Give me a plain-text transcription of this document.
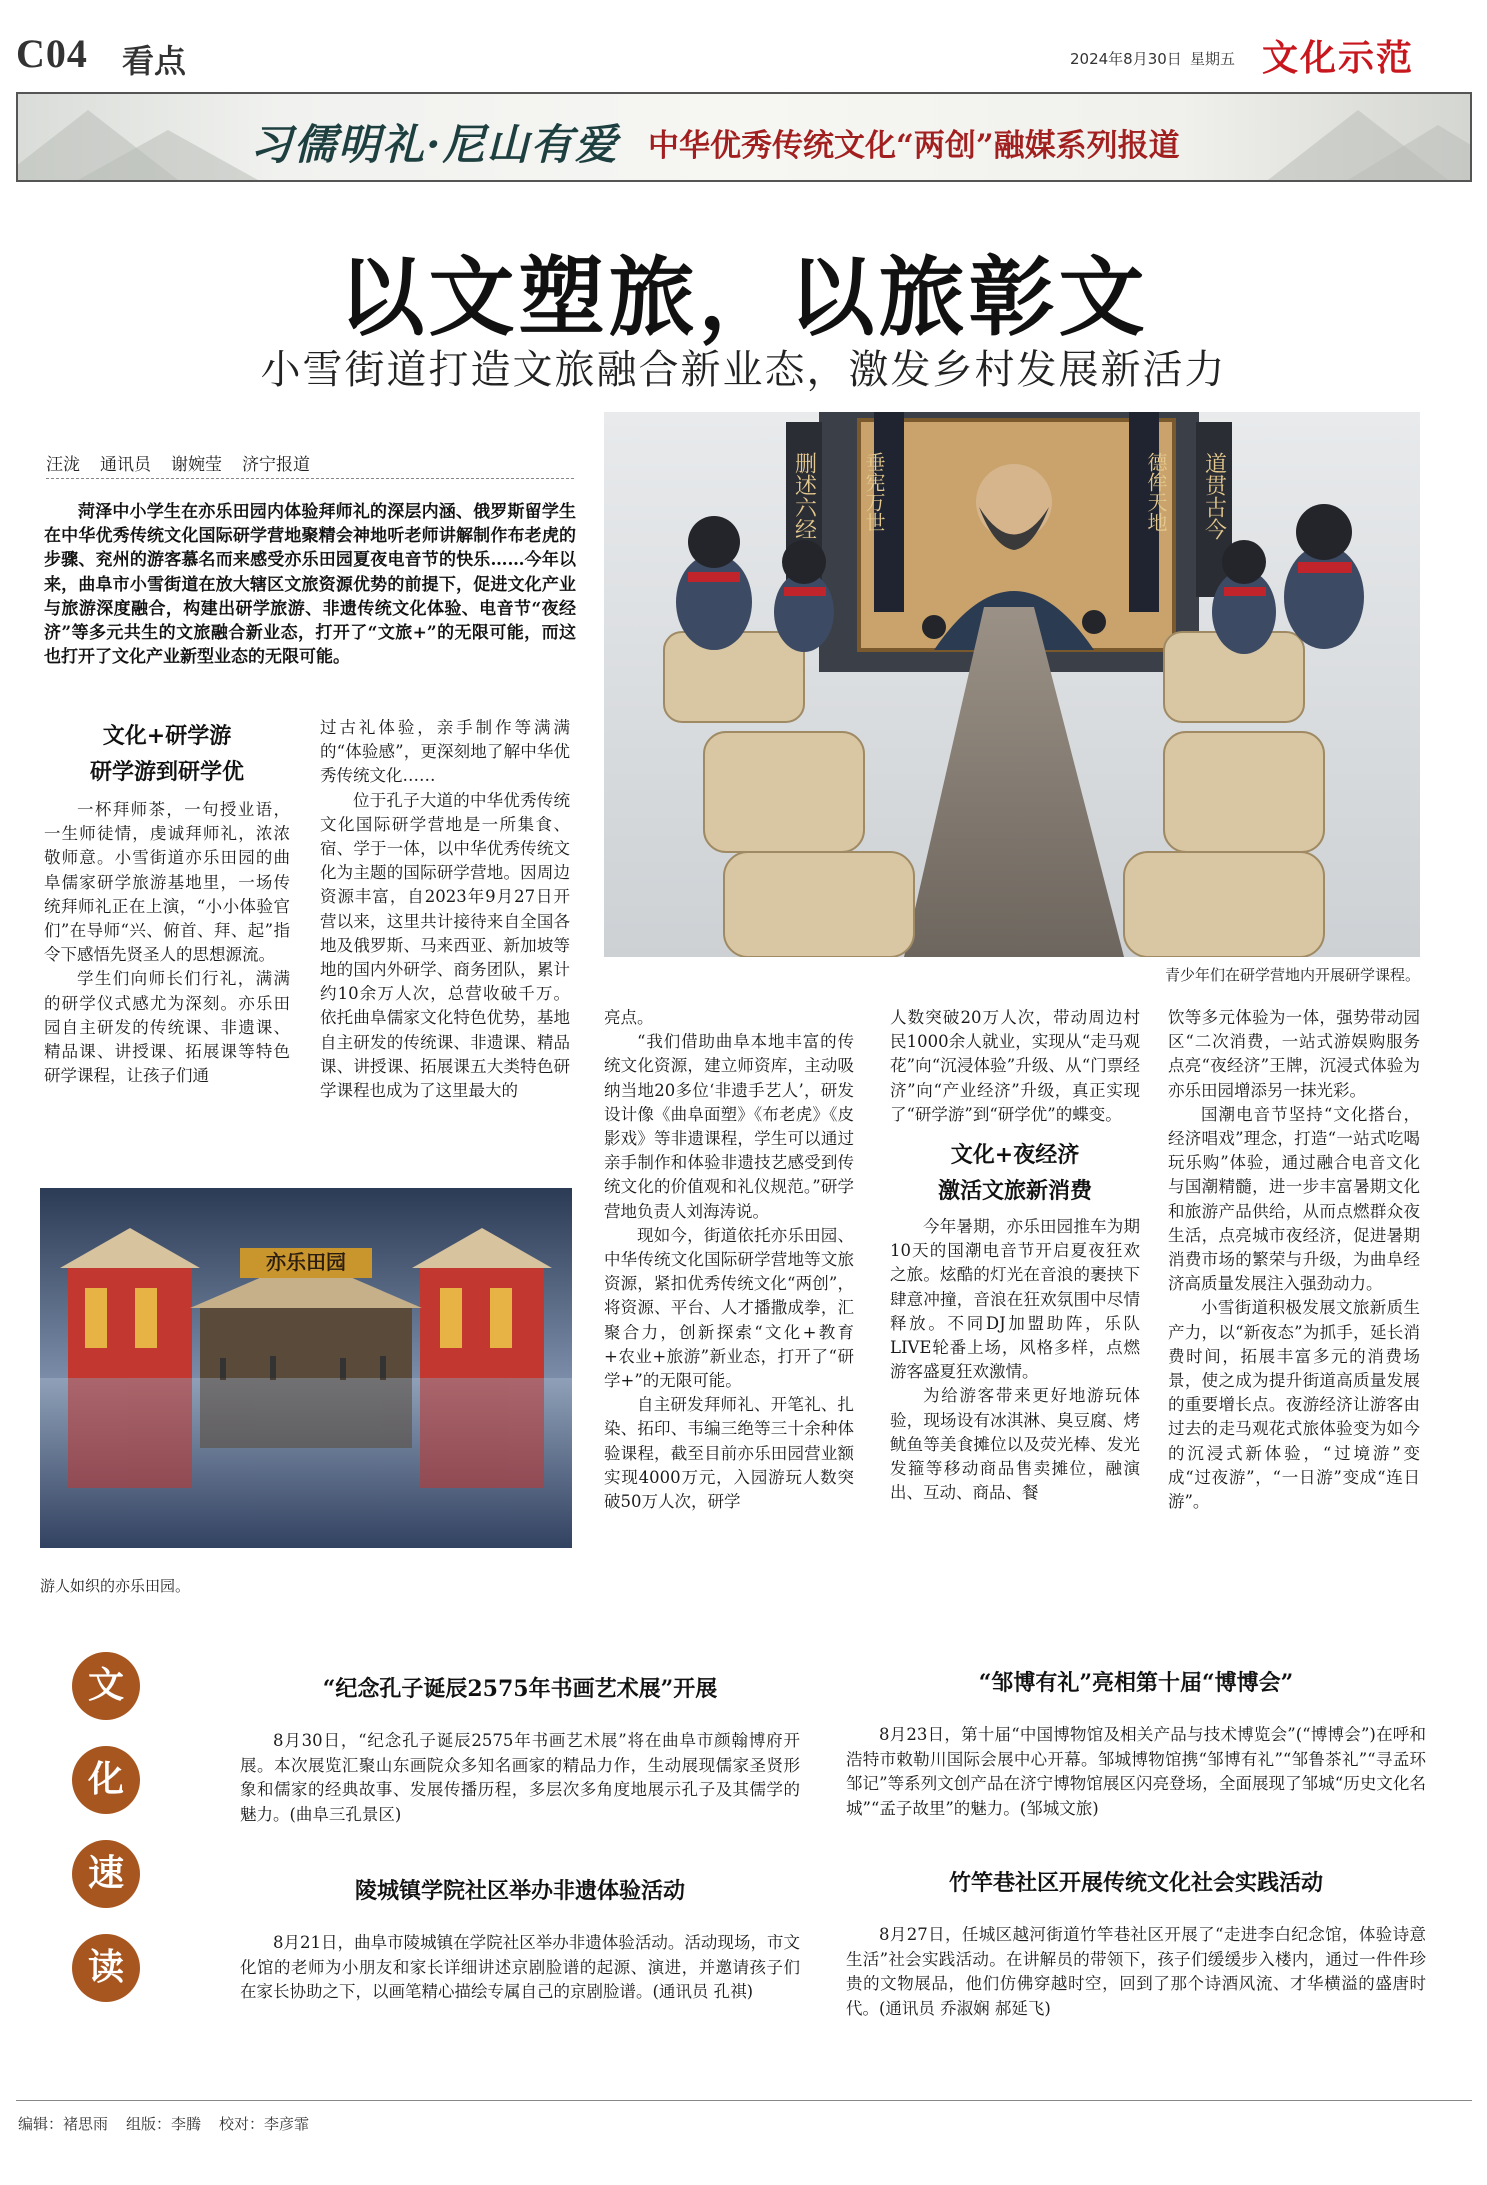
C04 看点	2024年8月30日 星期五 文化示范
习儒明礼·尼山有爱 中华优秀传统文化“两创”融媒系列报道
以文塑旅，以旅彰文
小雪街道打造文旅融合新业态，激发乡村发展新活力
汪泷 通讯员 谢婉莹 济宁报道
菏泽中小学生在亦乐田园内体验拜师礼的深层内涵、俄罗斯留学生在中华优秀传统文化国际研学营地聚精会神地听老师讲解制作布老虎的步骤、兖州的游客慕名而来感受亦乐田园夏夜电音节的快乐……今年以来，曲阜市小雪街道在放大辖区文旅资源优势的前提下，促进文化产业与旅游深度融合，构建出研学旅游、非遗传统文化体验、电音节“夜经济”等多元共生的文旅融合新业态，打开了“文旅+”的无限可能，而这也打开了文化产业新型业态的无限可能。
文化+研学游
研学游到研学优

一杯拜师茶，一句授业语，一生师徒情，虔诚拜师礼，浓浓敬师意。小雪街道亦乐田园的曲阜儒家研学旅游基地里，一场传统拜师礼正在上演，“小小体验官们”在导师“兴、俯首、拜、起”指令下感悟先贤圣人的思想源流。

学生们向师长们行礼，满满的研学仪式感尤为深刻。亦乐田园自主研发的传统课、非遗课、精品课、讲授课、拓展课等特色研学课程，让孩子们通

过古礼体验，亲手制作等满满的“体验感”，更深刻地了解中华优秀传统文化……

位于孔子大道的中华优秀传统文化国际研学营地是一所集食、宿、学于一体，以中华优秀传统文化为主题的国际研学营地。因周边资源丰富，自2023年9月27日开营以来，这里共计接待来自全国各地及俄罗斯、马来西亚、新加坡等地的国内外研学、商务团队，累计约10余万人次，总营收破千万。依托曲阜儒家文化特色优势，基地自主研发的传统课、非遗课、精品课、讲授课、拓展课五大类特色研学课程也成为了这里最大的

删述六经 垂宪万世	德侔天地 道贯古今
青少年们在研学营地内开展研学课程。
亦乐田园
游人如织的亦乐田园。

亮点。

“我们借助曲阜本地丰富的传统文化资源，建立师资库，主动吸纳当地20多位‘非遗手艺人’，研发设计像《曲阜面塑》《布老虎》《皮影戏》等非遗课程，学生可以通过亲手制作和体验非遗技艺感受到传统文化的价值观和礼仪规范。”研学营地负责人刘海涛说。

现如今，街道依托亦乐田园、中华传统文化国际研学营地等文旅资源，紧扣优秀传统文化“两创”，将资源、平台、人才播撒成拳，汇聚合力，创新探索“文化+教育+农业+旅游”新业态，打开了“研学+”的无限可能。

自主研发拜师礼、开笔礼、扎染、拓印、韦编三绝等三十余种体验课程，截至目前亦乐田园营业额实现4000万元，入园游玩人数突破50万人次，研学

人数突破20万人次，带动周边村民1000余人就业，实现从“走马观花”向“沉浸体验”升级、从“门票经济”向“产业经济”升级，真正实现了“研学游”到“研学优”的蝶变。

文化+夜经济
激活文旅新消费

今年暑期，亦乐田园推车为期10天的国潮电音节开启夏夜狂欢之旅。炫酷的灯光在音浪的裹挟下肆意冲撞，音浪在狂欢氛围中尽情释放。不同DJ加盟助阵，乐队LIVE轮番上场，风格多样，点燃游客盛夏狂欢激情。

为给游客带来更好地游玩体验，现场设有冰淇淋、臭豆腐、烤鱿鱼等美食摊位以及荧光棒、发光发箍等移动商品售卖摊位，融演出、互动、商品、餐

饮等多元体验为一体，强势带动园区“二次消费，一站式游娱购服务点亮“夜经济”王牌，沉浸式体验为亦乐田园增添另一抹光彩。

国潮电音节坚持“文化搭台，经济唱戏”理念，打造“一站式吃喝玩乐购”体验，通过融合电音文化与国潮精髓，进一步丰富暑期文化和旅游产品供给，从而点燃群众夜生活，点亮城市夜经济，促进暑期消费市场的繁荣与升级，为曲阜经济高质量发展注入强劲动力。

小雪街道积极发展文旅新质生产力，以“新夜态”为抓手，延长消费时间，拓展丰富多元的消费场景，使之成为提升街道高质量发展的重要增长点。夜游经济让游客由过去的走马观花式旅体验变为如今的沉浸式新体验，“过境游”变成“过夜游”，“一日游”变成“连日游”。

文
化
速
读
“纪念孔子诞辰2575年书画艺术展”开展
8月30日，“纪念孔子诞辰2575年书画艺术展”将在曲阜市颜翰博府开展。本次展览汇聚山东画院众多知名画家的精品力作，生动展现儒家圣贤形象和儒家的经典故事、发展传播历程，多层次多角度地展示孔子及其儒学的魅力。(曲阜三孔景区)
陵城镇学院社区举办非遗体验活动
8月21日，曲阜市陵城镇在学院社区举办非遗体验活动。活动现场，市文化馆的老师为小朋友和家长详细讲述京剧脸谱的起源、演进，并邀请孩子们在家长协助之下，以画笔精心描绘专属自己的京剧脸谱。(通讯员 孔祺)
“邹博有礼”亮相第十届“博博会”
8月23日，第十届“中国博物馆及相关产品与技术博览会”(“博博会”)在呼和浩特市敕勒川国际会展中心开幕。邹城博物馆携“邹博有礼”“邹鲁茶礼”“寻孟环邹记”等系列文创产品在济宁博物馆展区闪亮登场，全面展现了邹城“历史文化名城”“孟子故里”的魅力。(邹城文旅)
竹竿巷社区开展传统文化社会实践活动
8月27日，任城区越河街道竹竿巷社区开展了“走进李白纪念馆，体验诗意生活”社会实践活动。在讲解员的带领下，孩子们缓缓步入楼内，通过一件件珍贵的文物展品，他们仿佛穿越时空，回到了那个诗酒风流、才华横溢的盛唐时代。(通讯员 乔淑娴 郝延飞)
编辑：褚思雨 组版：李腾 校对：李彦霏
